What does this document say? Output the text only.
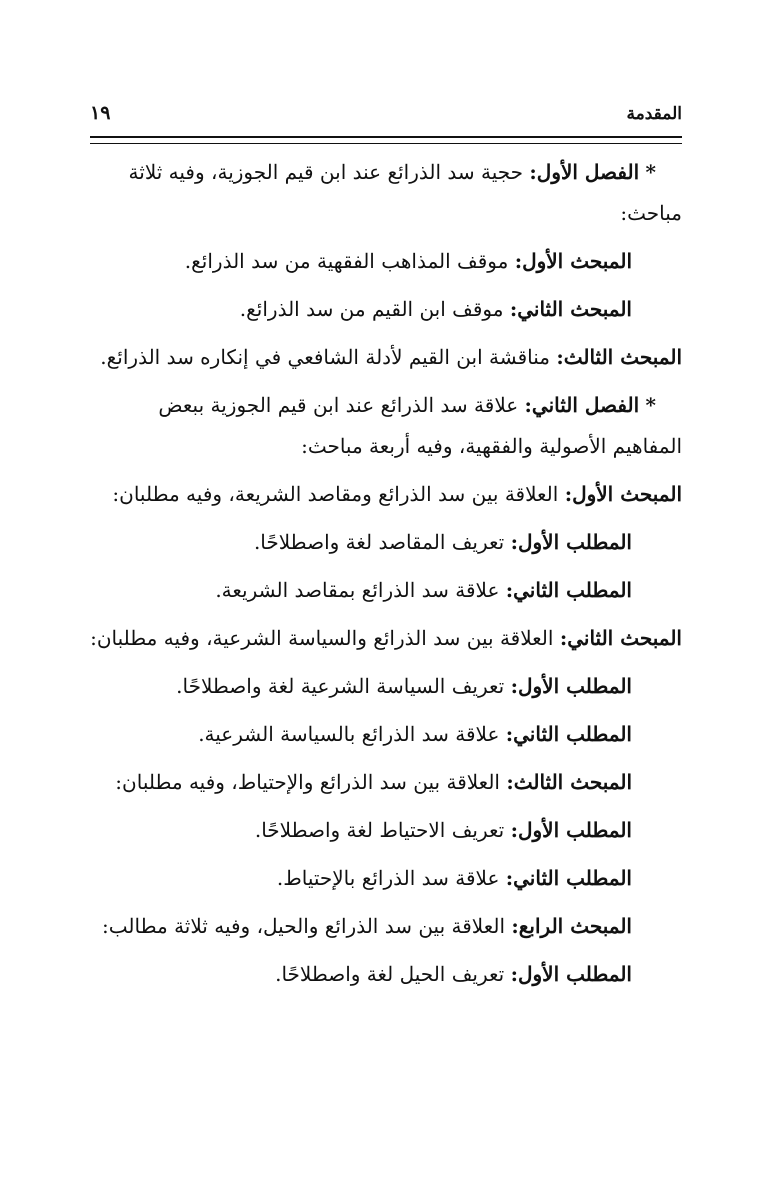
المقدمة
١٩

* الفصل الأول: حجية سد الذرائع عند ابن قيم الجوزية، وفيه ثلاثة مباحث:

المبحث الأول: موقف المذاهب الفقهية من سد الذرائع.

المبحث الثاني: موقف ابن القيم من سد الذرائع.

المبحث الثالث: مناقشة ابن القيم لأدلة الشافعي في إنكاره سد الذرائع.

* الفصل الثاني: علاقة سد الذرائع عند ابن قيم الجوزية ببعض المفاهيم الأصولية والفقهية، وفيه أربعة مباحث:

المبحث الأول: العلاقة بين سد الذرائع ومقاصد الشريعة، وفيه مطلبان:

المطلب الأول: تعريف المقاصد لغة واصطلاحًا.

المطلب الثاني: علاقة سد الذرائع بمقاصد الشريعة.

المبحث الثاني: العلاقة بين سد الذرائع والسياسة الشرعية، وفيه مطلبان:

المطلب الأول: تعريف السياسة الشرعية لغة واصطلاحًا.

المطلب الثاني: علاقة سد الذرائع بالسياسة الشرعية.

المبحث الثالث: العلاقة بين سد الذرائع والإحتياط، وفيه مطلبان:

المطلب الأول: تعريف الاحتياط لغة واصطلاحًا.

المطلب الثاني: علاقة سد الذرائع بالإحتياط.

المبحث الرابع: العلاقة بين سد الذرائع والحيل، وفيه ثلاثة مطالب:

المطلب الأول: تعريف الحيل لغة واصطلاحًا.
